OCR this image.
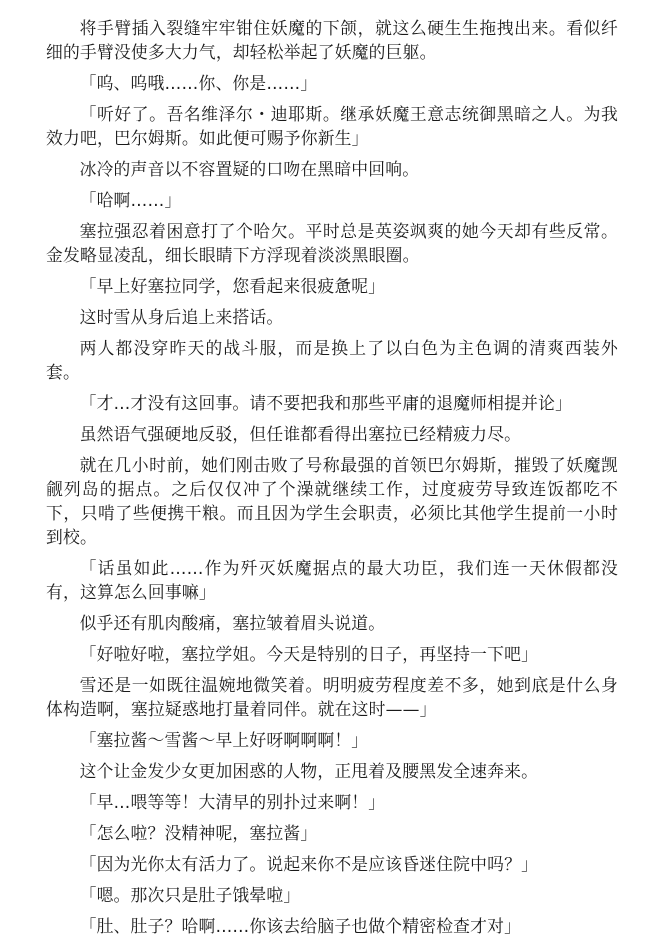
将手臂插入裂缝牢牢钳住妖魔的下颌，就这么硬生生拖拽出来。看似纤细的手臂没使多大力气，却轻松举起了妖魔的巨躯。

「呜、呜哦……你、你是……」

「听好了。吾名维泽尔・迪耶斯。继承妖魔王意志统御黑暗之人。为我效力吧，巴尔姆斯。如此便可赐予你新生」

冰冷的声音以不容置疑的口吻在黑暗中回响。

「哈啊……」

塞拉强忍着困意打了个哈欠。平时总是英姿飒爽的她今天却有些反常。金发略显凌乱，细长眼睛下方浮现着淡淡黑眼圈。

「早上好塞拉同学，您看起来很疲惫呢」

这时雪从身后追上来搭话。

两人都没穿昨天的战斗服，而是换上了以白色为主色调的清爽西装外套。

「才…才没有这回事。请不要把我和那些平庸的退魔师相提并论」

虽然语气强硬地反驳，但任谁都看得出塞拉已经精疲力尽。

就在几小时前，她们刚击败了号称最强的首领巴尔姆斯，摧毁了妖魔觊觎列岛的据点。之后仅仅冲了个澡就继续工作，过度疲劳导致连饭都吃不下，只啃了些便携干粮。而且因为学生会职责，必须比其他学生提前一小时到校。

「话虽如此……作为歼灭妖魔据点的最大功臣，我们连一天休假都没有，这算怎么回事嘛」

似乎还有肌肉酸痛，塞拉皱着眉头说道。

「好啦好啦，塞拉学姐。今天是特别的日子，再坚持一下吧」

雪还是一如既往温婉地微笑着。明明疲劳程度差不多，她到底是什么身体构造啊，塞拉疑惑地打量着同伴。就在这时——」

「塞拉酱～雪酱～早上好呀啊啊啊！」

这个让金发少女更加困惑的人物，正甩着及腰黑发全速奔来。

「早…喂等等！大清早的别扑过来啊！」

「怎么啦？没精神呢，塞拉酱」

「因为光你太有活力了。说起来你不是应该昏迷住院中吗？」

「嗯。那次只是肚子饿晕啦」

「肚、肚子？哈啊……你该去给脑子也做个精密检查才对」
